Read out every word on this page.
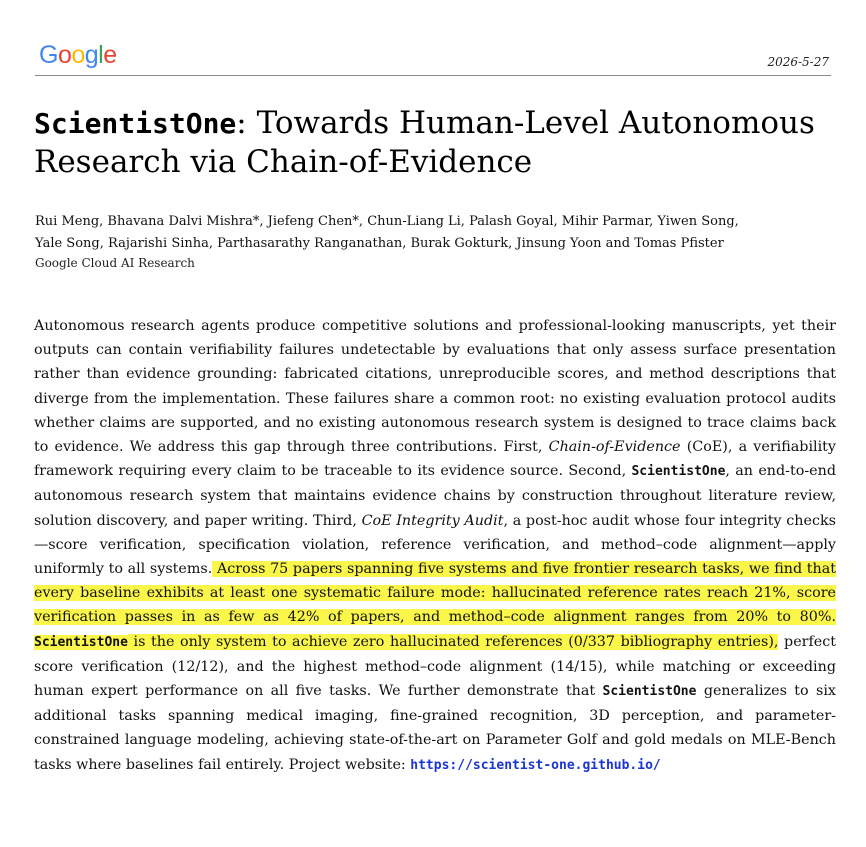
Google	2026-5-27
ScientistOne: Towards Human-Level Autonomous Research via Chain-of-Evidence
Rui Meng, Bhavana Dalvi Mishra*, Jiefeng Chen*, Chun-Liang Li, Palash Goyal, Mihir Parmar, Yiwen Song,
Yale Song, Rajarishi Sinha, Parthasarathy Ranganathan, Burak Gokturk, Jinsung Yoon and Tomas Pfister
Google Cloud AI Research

Autonomous research agents produce competitive solutions and professional-looking manuscripts, yet their outputs can contain verifiability failures undetectable by evaluations that only assess surface presentation rather than evidence grounding: fabricated citations, unreproducible scores, and method descriptions that diverge from the implementation. These failures share a common root: no existing evaluation protocol audits whether claims are supported, and no existing autonomous research system is designed to trace claims back to evidence. We address this gap through three contributions. First, Chain-of-Evidence (CoE), a verifiability framework requiring every claim to be traceable to its evidence source. Second, ScientistOne, an end-to-end autonomous research system that maintains evidence chains by construction throughout literature review, solution discovery, and paper writing. Third, CoE Integrity Audit, a post-hoc audit whose four integrity checks—score verification, specification violation, reference verification, and method–code alignment—apply uniformly to all systems. Across 75 papers spanning five systems and five frontier research tasks, we find that every baseline exhibits at least one systematic failure mode: hallucinated reference rates reach 21%, score verification passes in as few as 42% of papers, and method–code alignment ranges from 20% to 80%. ScientistOne is the only system to achieve zero hallucinated references (0/337 bibliography entries), perfect score verification (12/12), and the highest method–code alignment (14/15), while matching or exceeding human expert performance on all five tasks. We further demonstrate that ScientistOne generalizes to six additional tasks spanning medical imaging, fine-grained recognition, 3D perception, and parameter-constrained language modeling, achieving state-of-the-art on Parameter Golf and gold medals on MLE-Bench tasks where baselines fail entirely. Project website: https://scientist-one.github.io/
